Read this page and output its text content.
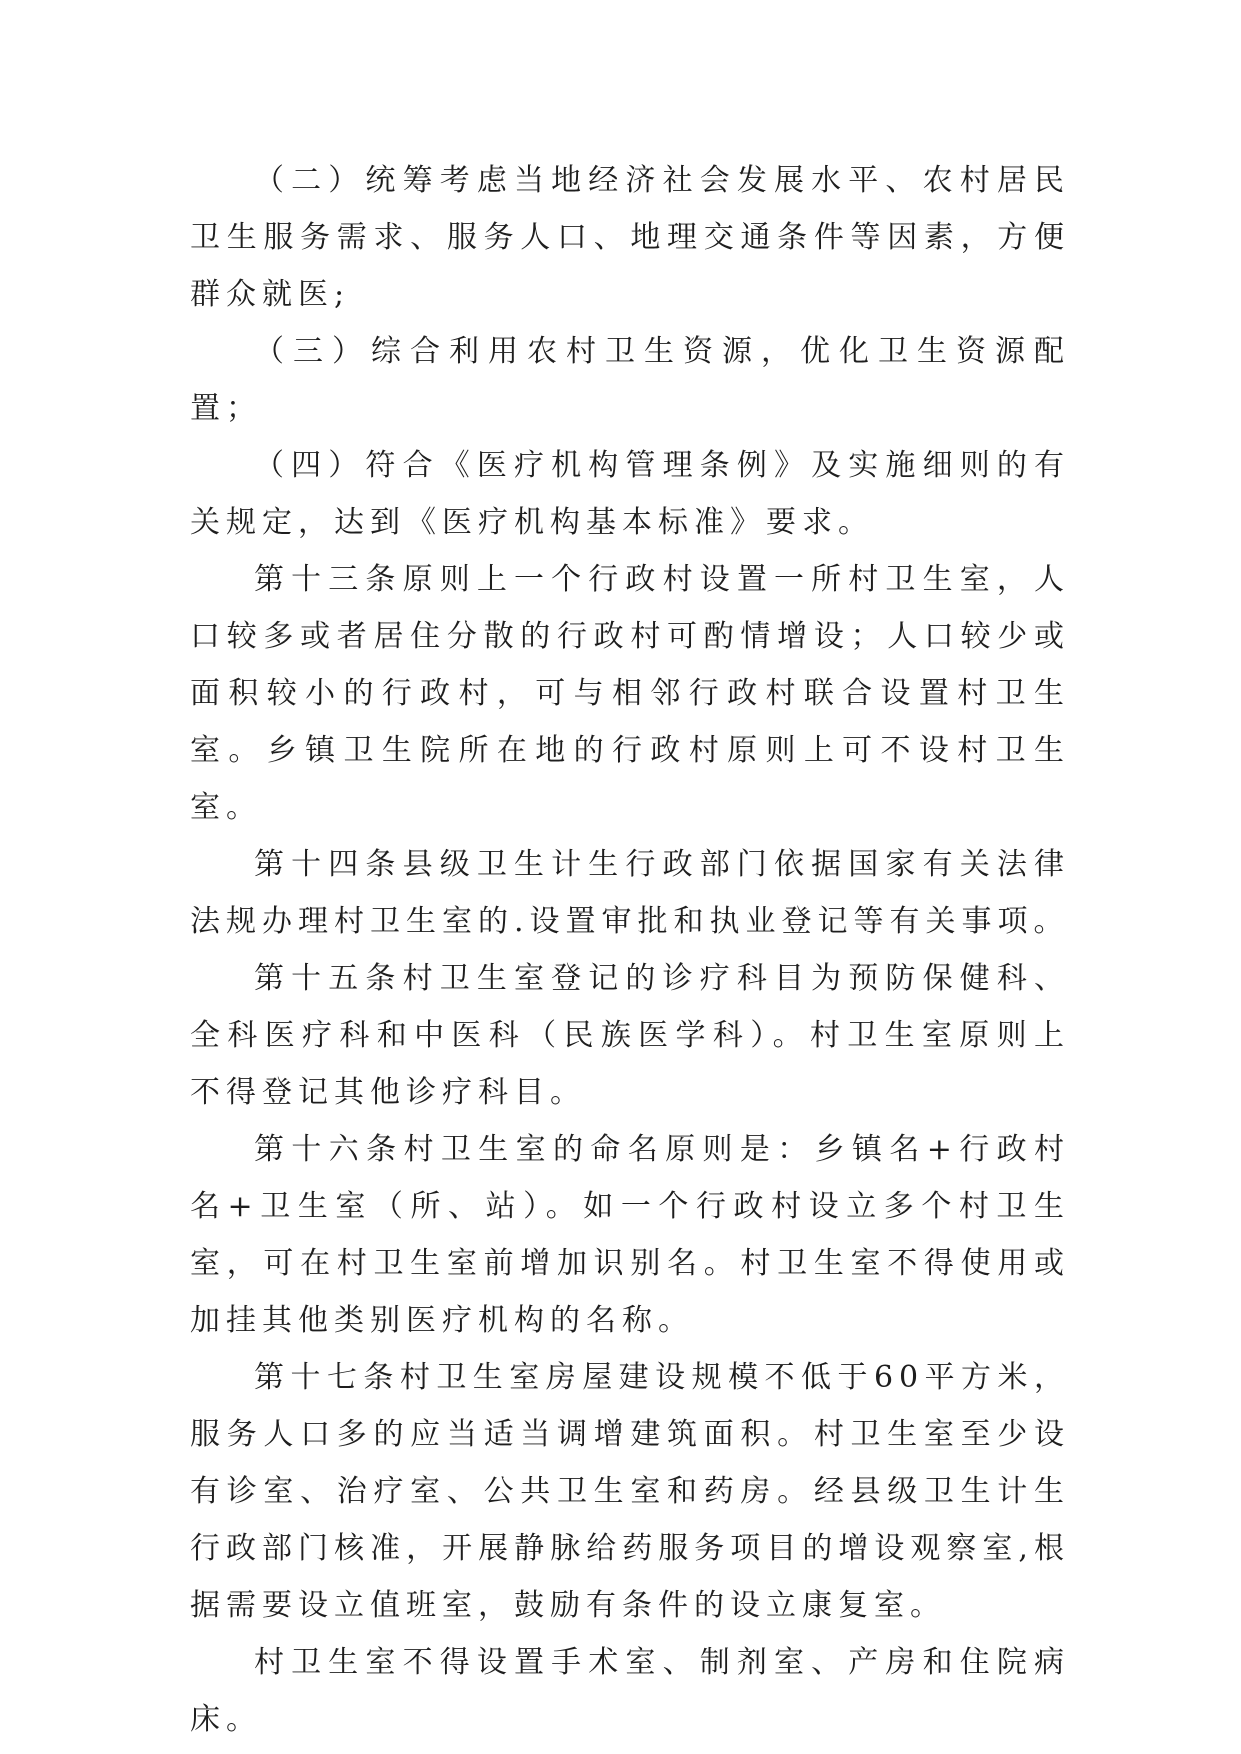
（二）统筹考虑当地经济社会发展水平、农村居民卫生服务需求、服务人口、地理交通条件等因素，方便群众就医;

（三）综合利用农村卫生资源，优化卫生资源配置；

（四）符合《医疗机构管理条例》及实施细则的有关规定，达到《医疗机构基本标准》要求。

第十三条原则上一个行政村设置一所村卫生室，人口较多或者居住分散的行政村可酌情增设；人口较少或面积较小的行政村，可与相邻行政村联合设置村卫生室。乡镇卫生院所在地的行政村原则上可不设村卫生室。

第十四条县级卫生计生行政部门依据国家有关法律法规办理村卫生室的.设置审批和执业登记等有关事项。

第十五条村卫生室登记的诊疗科目为预防保健科、全科医疗科和中医科（民族医学科）。村卫生室原则上不得登记其他诊疗科目。

第十六条村卫生室的命名原则是：乡镇名+行政村名+卫生室（所、站）。如一个行政村设立多个村卫生室，可在村卫生室前增加识别名。村卫生室不得使用或加挂其他类别医疗机构的名称。

第十七条村卫生室房屋建设规模不低于60平方米，服务人口多的应当适当调增建筑面积。村卫生室至少设有诊室、治疗室、公共卫生室和药房。经县级卫生计生行政部门核准，开展静脉给药服务项目的增设观察室,根据需要设立值班室，鼓励有条件的设立康复室。

村卫生室不得设置手术室、制剂室、产房和住院病床。
